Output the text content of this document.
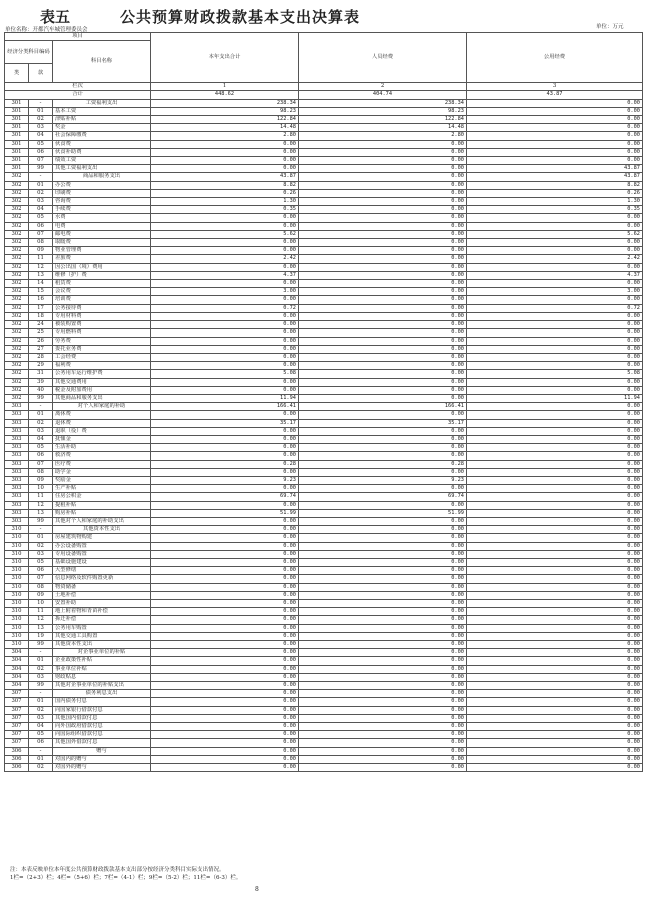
表五	公共预算财政拨款基本支出决算表
单位名称：开都汽车城管理委员会	单位：万元
项目			本年支出合计	人员经费	公用经费
经济分类科目编码		科目名称			
类	款				
栏次			1	2	3
合计			448.62	404.74	43.87
301	-	工资福利支出	238.34	238.34	0.00
301	01	基本工资	98.23	98.23	0.00
301	02	津贴补贴	122.84	122.84	0.00
301	03	奖金	14.48	14.48	0.00
301	04	社会保障缴费	2.80	2.80	0.00
301	05	伙食费	0.00	0.00	0.00
301	06	伙食补助费	0.00	0.00	0.00
301	07	绩效工资	0.00	0.00	0.00
301	99	其他工资福利支出	0.00	0.00	43.87
302	-	商品和服务支出	43.87	0.00	43.87
302	01	办公费	8.82	0.00	8.82
302	02	印刷费	0.26	0.00	0.26
302	03	咨询费	1.30	0.00	1.30
302	04	手续费	0.35	0.00	0.35
302	05	水费	0.00	0.00	0.00
302	06	电费	0.00	0.00	0.00
302	07	邮电费	5.62	0.00	5.62
302	08	取暖费	0.00	0.00	0.00
302	09	物业管理费	0.00	0.00	0.00
302	11	差旅费	2.42	0.00	2.42
302	12	因公出国（境）费用	0.00	0.00	0.00
302	13	维修（护）费	4.37	0.00	4.37
302	14	租赁费	0.00	0.00	0.00
302	15	会议费	3.00	0.00	3.00
302	16	培训费	0.00	0.00	0.00
302	17	公务接待费	0.72	0.00	0.72
302	18	专用材料费	0.00	0.00	0.00
302	24	被装购置费	0.00	0.00	0.00
302	25	专用燃料费	0.00	0.00	0.00
302	26	劳务费	0.00	0.00	0.00
302	27	委托业务费	0.00	0.00	0.00
302	28	工会经费	0.00	0.00	0.00
302	29	福利费	0.00	0.00	0.00
302	31	公务用车运行维护费	5.08	0.00	5.08
302	39	其他交通费用	0.00	0.00	0.00
302	40	税金及附加费用	0.00	0.00	0.00
302	99	其他商品和服务支出	11.94	0.00	11.94
303	-	对个人和家庭的补助	166.41	166.41	0.00
303	01	离休费	0.00	0.00	0.00
303	02	退休费	35.17	35.17	0.00
303	03	退职（役）费	0.00	0.00	0.00
303	04	抚恤金	0.00	0.00	0.00
303	05	生活补助	0.00	0.00	0.00
303	06	救济费	0.00	0.00	0.00
303	07	医疗费	0.28	0.28	0.00
303	08	助学金	0.00	0.00	0.00
303	09	奖励金	9.23	9.23	0.00
303	10	生产补贴	0.00	0.00	0.00
303	11	住房公积金	69.74	69.74	0.00
303	12	提租补贴	0.00	0.00	0.00
303	13	购房补贴	51.99	51.99	0.00
303	99	其他对个人和家庭的补助支出	0.00	0.00	0.00
310	-	其他资本性支出	0.00	0.00	0.00
310	01	房屋建筑物购建	0.00	0.00	0.00
310	02	办公设备购置	0.00	0.00	0.00
310	03	专用设备购置	0.00	0.00	0.00
310	05	基础设施建设	0.00	0.00	0.00
310	06	大型修缮	0.00	0.00	0.00
310	07	信息网络及软件购置更新	0.00	0.00	0.00
310	08	物资储备	0.00	0.00	0.00
310	09	土地补偿	0.00	0.00	0.00
310	10	安置补助	0.00	0.00	0.00
310	11	地上附着物和青苗补偿	0.00	0.00	0.00
310	12	拆迁补偿	0.00	0.00	0.00
310	13	公务用车购置	0.00	0.00	0.00
310	19	其他交通工具购置	0.00	0.00	0.00
310	99	其他资本性支出	0.00	0.00	0.00
304	-	对企事业单位的补贴	0.00	0.00	0.00
304	01	企业政策性补贴	0.00	0.00	0.00
304	02	事业单位补贴	0.00	0.00	0.00
304	03	财政贴息	0.00	0.00	0.00
304	99	其他对企事业单位的补贴支出	0.00	0.00	0.00
307	-	债务利息支出	0.00	0.00	0.00
307	01	国内债务付息	0.00	0.00	0.00
307	02	向国家银行借款付息	0.00	0.00	0.00
307	03	其他国内借款付息	0.00	0.00	0.00
307	04	向外国政府借款付息	0.00	0.00	0.00
307	05	向国际组织借款付息	0.00	0.00	0.00
307	06	其他国外借款付息	0.00	0.00	0.00
306	-	赠与	0.00	0.00	0.00
306	01	对国内的赠与	0.00	0.00	0.00
306	02	对国外的赠与	0.00	0.00	0.00
注：本表反映单位本年度公共预算财政拨款基本支出部分按经济分类科目实际支出情况。
1栏=（2+3）栏；4栏=（5+6）栏；7栏=（4-1）栏；9栏=（5-2）栏；11栏=（6-3）栏。
8
